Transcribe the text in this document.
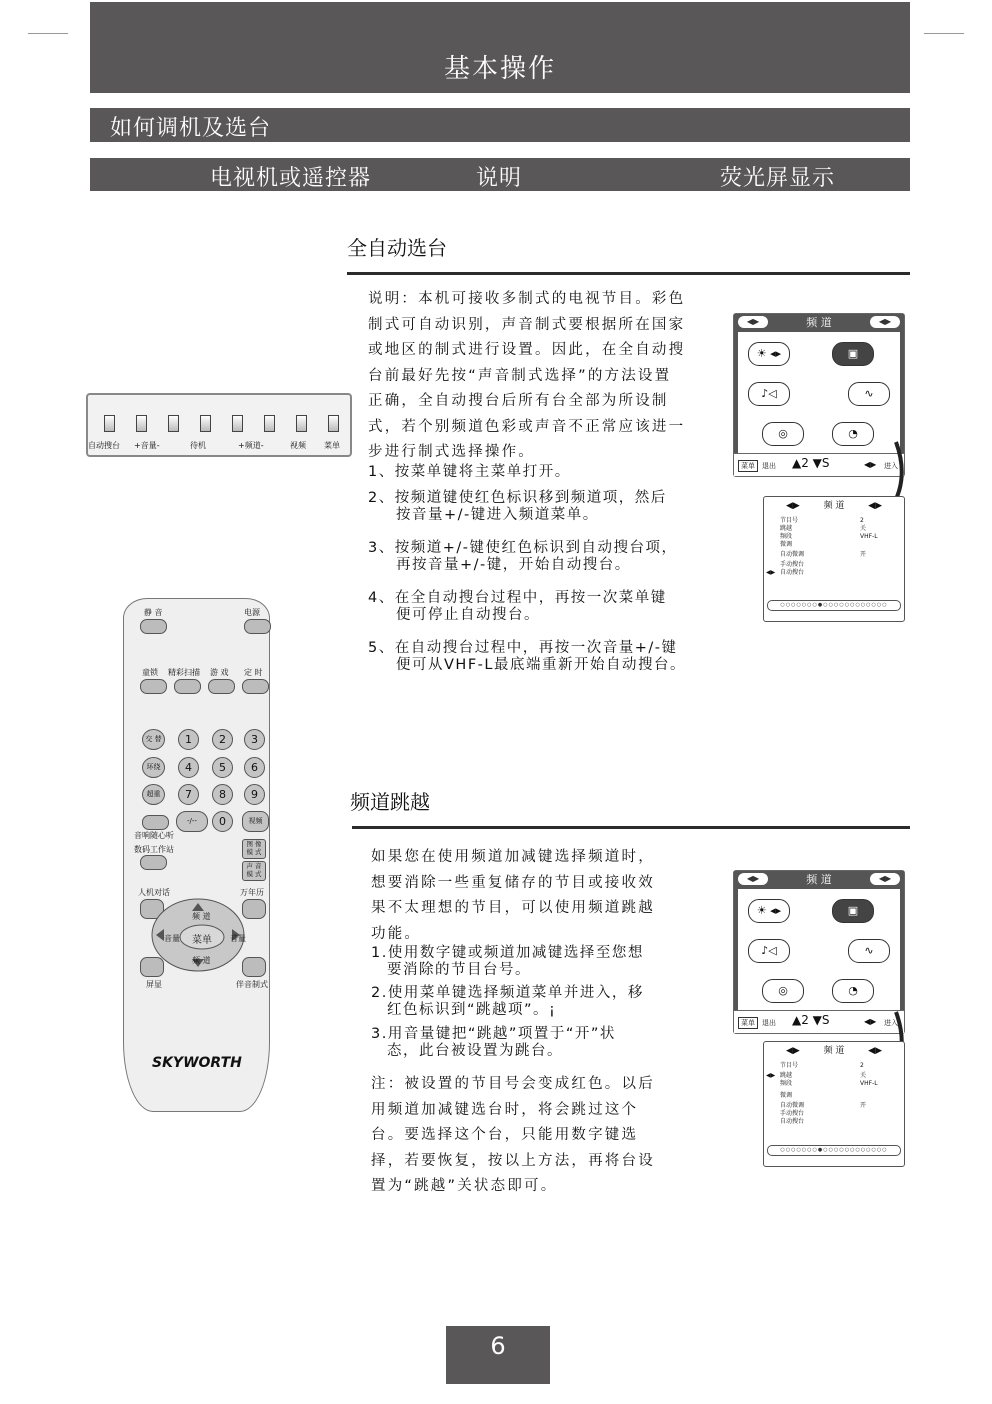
基本操作
如何调机及选台
电视机或遥控器	说明	荧光屏显示
全自动选台
说明：本机可接收多制式的电视节目。彩色
制式可自动识别，声音制式要根据所在国家
或地区的制式进行设置。因此，在全自动搜
台前最好先按“声音制式选择”的方法设置
正确，全自动搜台后所有台全部为所设制
式，若个别频道色彩或声音不正常应该进一
步进行制式选择操作。
1、按菜单键将主菜单打开。
2、按频道键使红色标识移到频道项，然后
按音量+/-键进入频道菜单。
3、按频道+/-键使红色标识到自动搜台项，
再按音量+/-键，开始自动搜台。
4、在全自动搜台过程中，再按一次菜单键
便可停止自动搜台。
5、在自动搜台过程中，再按一次音量+/-键
便可从VHF-L最底端重新开始自动搜台。
自动搜台 +音量-	待机	+频道-	视频 菜单
静 音	电源
童锁 精彩扫描 游 戏 定 时
交 替	1	2	3
环绕	4	5	6
超重	7	8	9
-/--	0	视频
音响随心听
数码工作站
图 像 模 式
声 音 模 式
人机对话	万年历
频 道
频 道
音量	音量
菜单
屏显	伴音制式
SKYWORTH
◀▶	频 道	◀▶
☀ ◂▸	▣
♪◁	∿
◎	◔
菜单	退出 ▲2 ▼S	◀▶ 进入
◀▶	频 道	◀▶
节目号	2
跳越	关
频段	VHF-L
微调
自动微调	开
手动搜台
◀▶ 自动搜台
○○○○○○○●○○○○○○○○○○○○
频道跳越
如果您在使用频道加减键选择频道时，
想要消除一些重复储存的节目或接收效
果不太理想的节目，可以使用频道跳越
功能。
1.使用数字键或频道加减键选择至您想
要消除的节目台号。
2.使用菜单键选择频道菜单并进入，移
红色标识到“跳越项”。¡
3.用音量键把“跳越”项置于“开”状
态，此台被设置为跳台。
注：被设置的节目号会变成红色。以后
用频道加减键选台时，将会跳过这个
台。要选择这个台，只能用数字键选
择，若要恢复，按以上方法，再将台设
置为“跳越”关状态即可。
◀▶	频 道	◀▶
☀ ◂▸	▣
♪◁	∿
◎	◔
菜单	退出 ▲2 ▼S	◀▶ 进入
◀▶	频 道	◀▶
节目号	2
◀▶ 跳越	关
频段	VHF-L
微调
自动微调	开
手动搜台
自动搜台
○○○○○○○●○○○○○○○○○○○○
6
